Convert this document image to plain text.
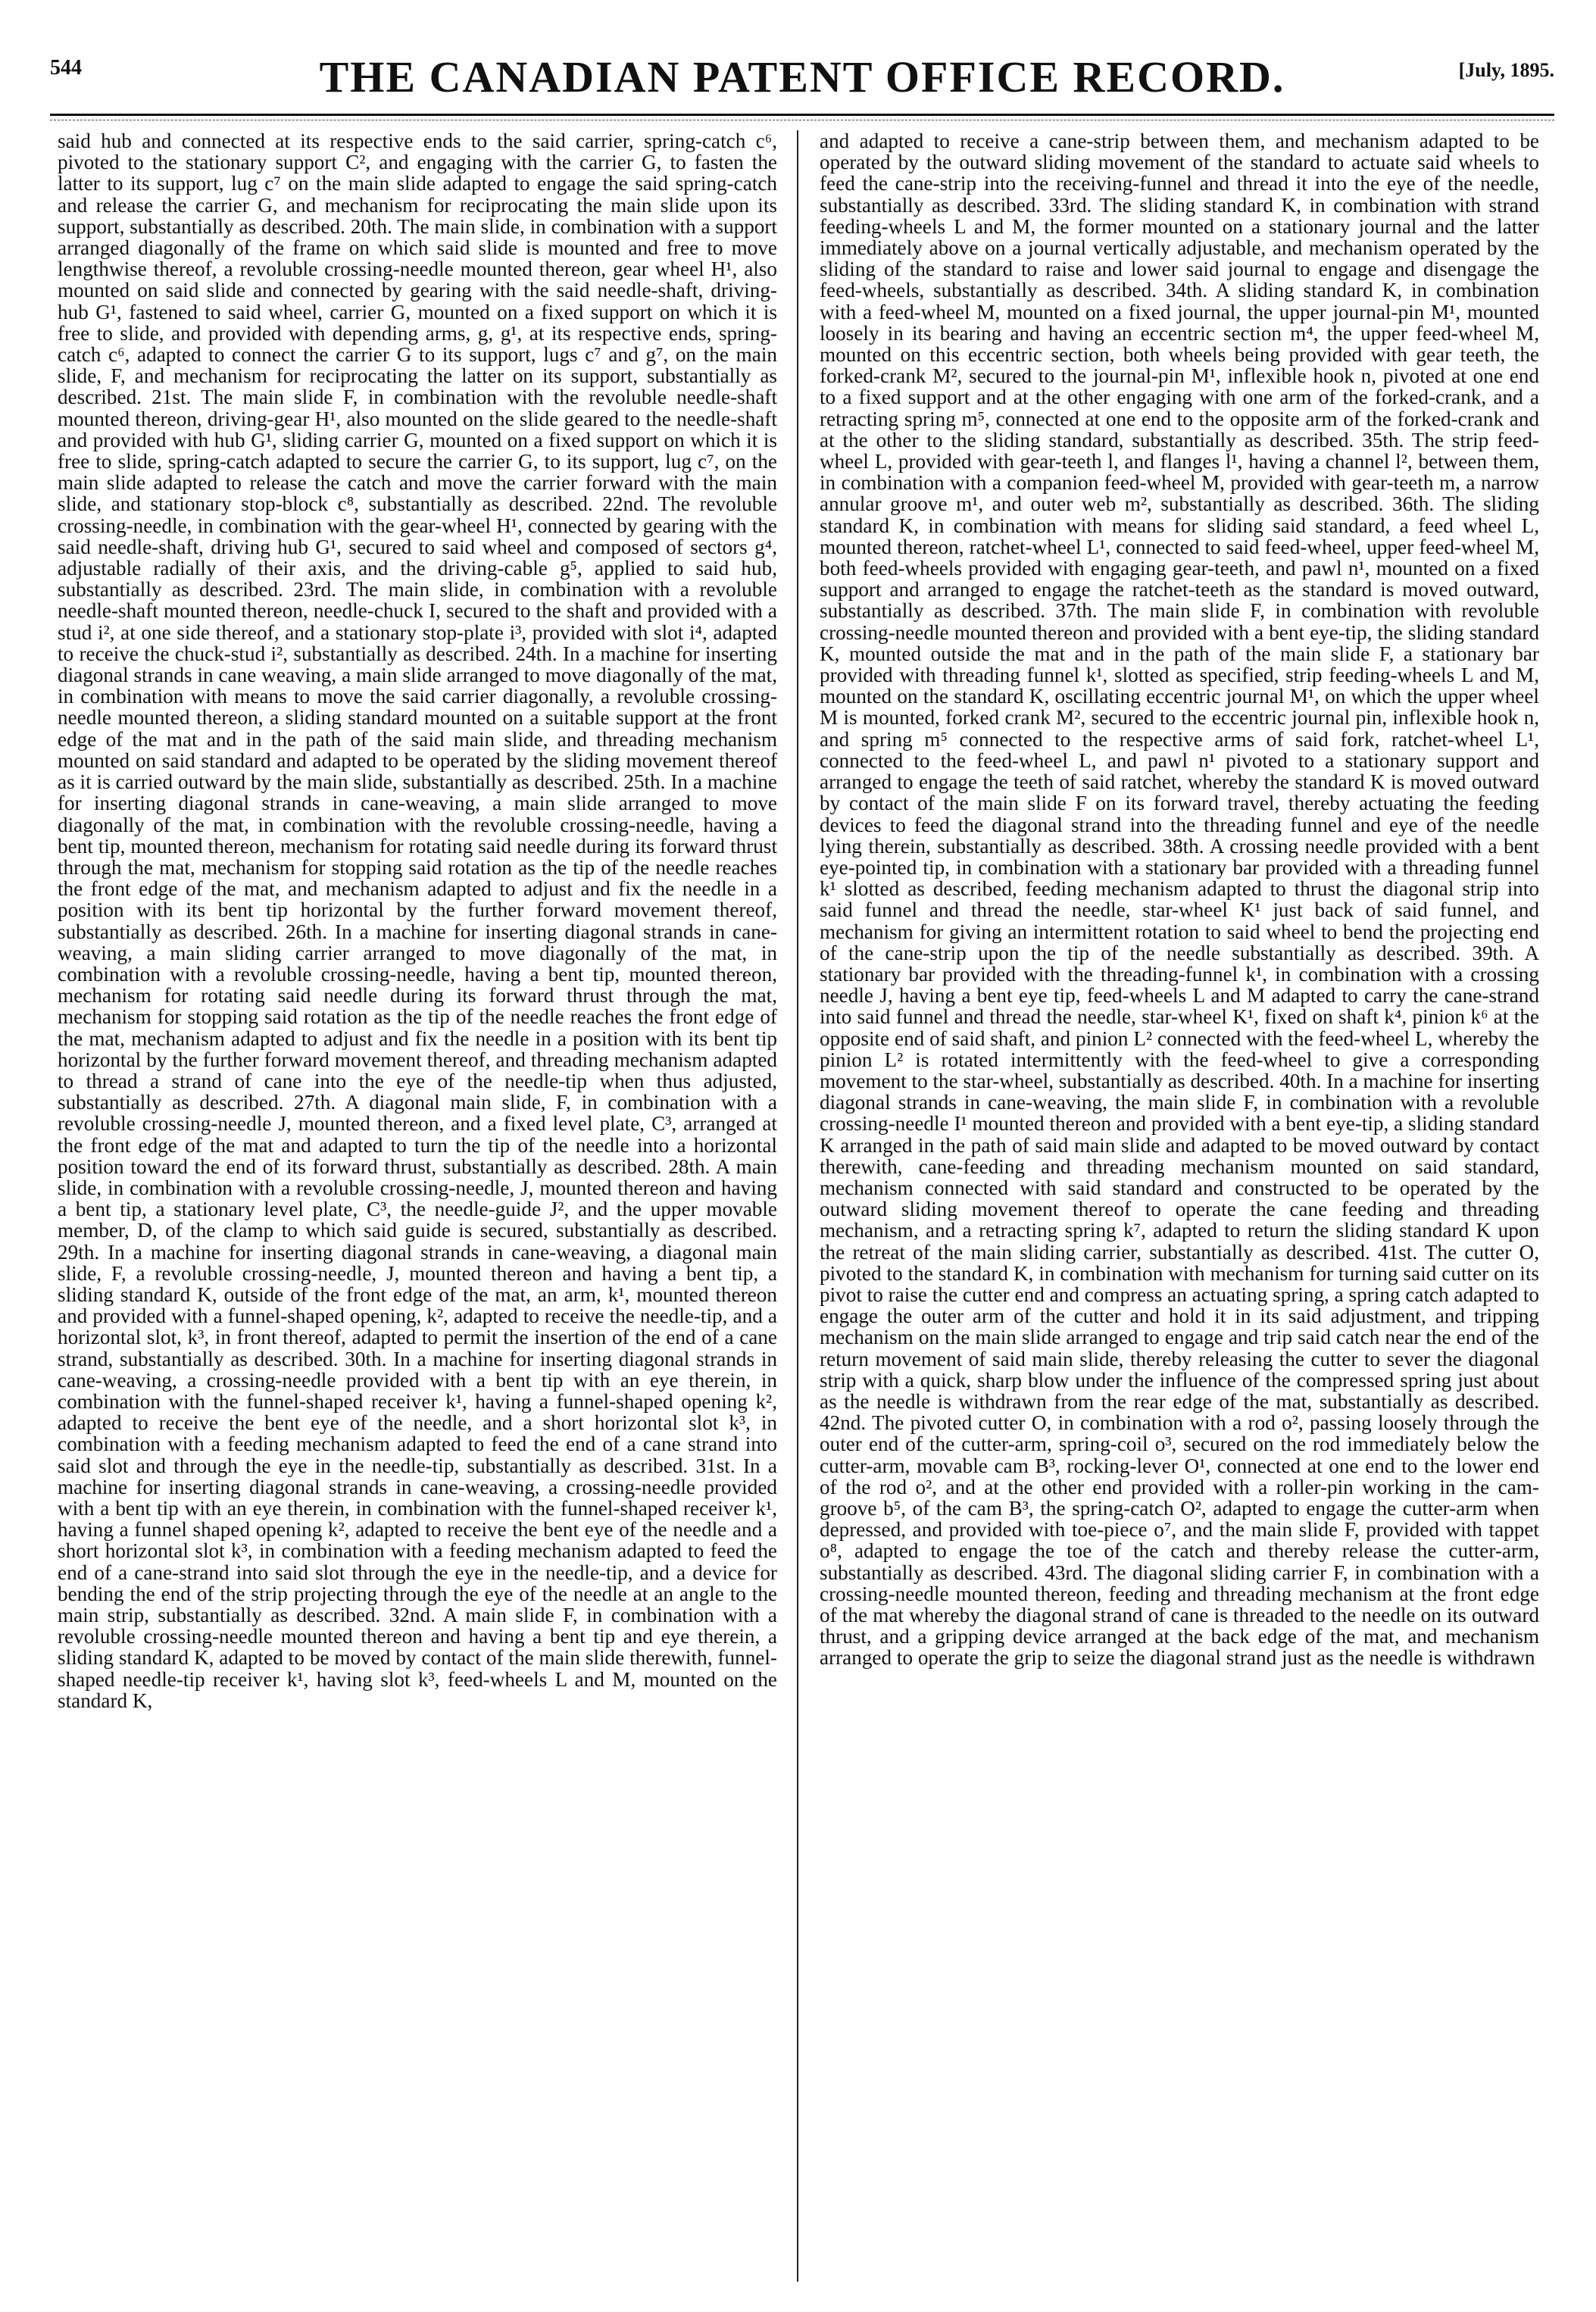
544	THE CANADIAN PATENT OFFICE RECORD.	[July, 1895.

said hub and connected at its respective ends to the said carrier, spring-catch c⁶, pivoted to the stationary support C², and engaging with the carrier G, to fasten the latter to its support, lug c⁷ on the main slide adapted to engage the said spring-catch and release the carrier G, and mechanism for reciprocating the main slide upon its support, substantially as described. 20th. The main slide, in combination with a support arranged diagonally of the frame on which said slide is mounted and free to move lengthwise thereof, a revoluble crossing-needle mounted thereon, gear wheel H¹, also mounted on said slide and connected by gearing with the said needle-shaft, driving-hub G¹, fastened to said wheel, carrier G, mounted on a fixed support on which it is free to slide, and provided with depending arms, g, g¹, at its respective ends, spring-catch c⁶, adapted to connect the carrier G to its support, lugs c⁷ and g⁷, on the main slide, F, and mechanism for reciprocating the latter on its support, substantially as described. 21st. The main slide F, in combination with the revoluble needle-shaft mounted thereon, driving-gear H¹, also mounted on the slide geared to the needle-shaft and provided with hub G¹, sliding carrier G, mounted on a fixed support on which it is free to slide, spring-catch adapted to secure the carrier G, to its support, lug c⁷, on the main slide adapted to release the catch and move the carrier forward with the main slide, and stationary stop-block c⁸, substantially as described. 22nd. The revoluble crossing-needle, in combination with the gear-wheel H¹, connected by gearing with the said needle-shaft, driving hub G¹, secured to said wheel and composed of sectors g⁴, adjustable radially of their axis, and the driving-cable g⁵, applied to said hub, substantially as described. 23rd. The main slide, in combination with a revoluble needle-shaft mounted thereon, needle-chuck I, secured to the shaft and provided with a stud i², at one side thereof, and a stationary stop-plate i³, provided with slot i⁴, adapted to receive the chuck-stud i², substantially as described. 24th. In a machine for inserting diagonal strands in cane weaving, a main slide arranged to move diagonally of the mat, in combination with means to move the said carrier diagonally, a revoluble crossing-needle mounted thereon, a sliding standard mounted on a suitable support at the front edge of the mat and in the path of the said main slide, and threading mechanism mounted on said standard and adapted to be operated by the sliding movement thereof as it is carried outward by the main slide, substantially as described. 25th. In a machine for inserting diagonal strands in cane-weaving, a main slide arranged to move diagonally of the mat, in combination with the revoluble crossing-needle, having a bent tip, mounted thereon, mechanism for rotating said needle during its forward thrust through the mat, mechanism for stopping said rotation as the tip of the needle reaches the front edge of the mat, and mechanism adapted to adjust and fix the needle in a position with its bent tip horizontal by the further forward movement thereof, substantially as described. 26th. In a machine for inserting diagonal strands in cane-weaving, a main sliding carrier arranged to move diagonally of the mat, in combination with a revoluble crossing-needle, having a bent tip, mounted thereon, mechanism for rotating said needle during its forward thrust through the mat, mechanism for stopping said rotation as the tip of the needle reaches the front edge of the mat, mechanism adapted to adjust and fix the needle in a position with its bent tip horizontal by the further forward movement thereof, and threading mechanism adapted to thread a strand of cane into the eye of the needle-tip when thus adjusted, substantially as described. 27th. A diagonal main slide, F, in combination with a revoluble crossing-needle J, mounted thereon, and a fixed level plate, C³, arranged at the front edge of the mat and adapted to turn the tip of the needle into a horizontal position toward the end of its forward thrust, substantially as described. 28th. A main slide, in combination with a revoluble crossing-needle, J, mounted thereon and having a bent tip, a stationary level plate, C³, the needle-guide J², and the upper movable member, D, of the clamp to which said guide is secured, substantially as described. 29th. In a machine for inserting diagonal strands in cane-weaving, a diagonal main slide, F, a revoluble crossing-needle, J, mounted thereon and having a bent tip, a sliding standard K, outside of the front edge of the mat, an arm, k¹, mounted thereon and provided with a funnel-shaped opening, k², adapted to receive the needle-tip, and a horizontal slot, k³, in front thereof, adapted to permit the insertion of the end of a cane strand, substantially as described. 30th. In a machine for inserting diagonal strands in cane-weaving, a crossing-needle provided with a bent tip with an eye therein, in combination with the funnel-shaped receiver k¹, having a funnel-shaped opening k², adapted to receive the bent eye of the needle, and a short horizontal slot k³, in combination with a feeding mechanism adapted to feed the end of a cane strand into said slot and through the eye in the needle-tip, substantially as described. 31st. In a machine for inserting diagonal strands in cane-weaving, a crossing-needle provided with a bent tip with an eye therein, in combination with the funnel-shaped receiver k¹, having a funnel shaped opening k², adapted to receive the bent eye of the needle and a short horizontal slot k³, in combination with a feeding mechanism adapted to feed the end of a cane-strand into said slot through the eye in the needle-tip, and a device for bending the end of the strip projecting through the eye of the needle at an angle to the main strip, substantially as described. 32nd. A main slide F, in combination with a revoluble crossing-needle mounted thereon and having a bent tip and eye therein, a sliding standard K, adapted to be moved by contact of the main slide therewith, funnel-shaped needle-tip receiver k¹, having slot k³, feed-wheels L and M, mounted on the standard K,

and adapted to receive a cane-strip between them, and mechanism adapted to be operated by the outward sliding movement of the standard to actuate said wheels to feed the cane-strip into the receiving-funnel and thread it into the eye of the needle, substantially as described. 33rd. The sliding standard K, in combination with strand feeding-wheels L and M, the former mounted on a stationary journal and the latter immediately above on a journal vertically adjustable, and mechanism operated by the sliding of the standard to raise and lower said journal to engage and disengage the feed-wheels, substantially as described. 34th. A sliding standard K, in combination with a feed-wheel M, mounted on a fixed journal, the upper journal-pin M¹, mounted loosely in its bearing and having an eccentric section m⁴, the upper feed-wheel M, mounted on this eccentric section, both wheels being provided with gear teeth, the forked-crank M², secured to the journal-pin M¹, inflexible hook n, pivoted at one end to a fixed support and at the other engaging with one arm of the forked-crank, and a retracting spring m⁵, connected at one end to the opposite arm of the forked-crank and at the other to the sliding standard, substantially as described. 35th. The strip feed-wheel L, provided with gear-teeth l, and flanges l¹, having a channel l², between them, in combination with a companion feed-wheel M, provided with gear-teeth m, a narrow annular groove m¹, and outer web m², substantially as described. 36th. The sliding standard K, in combination with means for sliding said standard, a feed wheel L, mounted thereon, ratchet-wheel L¹, connected to said feed-wheel, upper feed-wheel M, both feed-wheels provided with engaging gear-teeth, and pawl n¹, mounted on a fixed support and arranged to engage the ratchet-teeth as the standard is moved outward, substantially as described. 37th. The main slide F, in combination with revoluble crossing-needle mounted thereon and provided with a bent eye-tip, the sliding standard K, mounted outside the mat and in the path of the main slide F, a stationary bar provided with threading funnel k¹, slotted as specified, strip feeding-wheels L and M, mounted on the standard K, oscillating eccentric journal M¹, on which the upper wheel M is mounted, forked crank M², secured to the eccentric journal pin, inflexible hook n, and spring m⁵ connected to the respective arms of said fork, ratchet-wheel L¹, connected to the feed-wheel L, and pawl n¹ pivoted to a stationary support and arranged to engage the teeth of said ratchet, whereby the standard K is moved outward by contact of the main slide F on its forward travel, thereby actuating the feeding devices to feed the diagonal strand into the threading funnel and eye of the needle lying therein, substantially as described. 38th. A crossing needle provided with a bent eye-pointed tip, in combination with a stationary bar provided with a threading funnel k¹ slotted as described, feeding mechanism adapted to thrust the diagonal strip into said funnel and thread the needle, star-wheel K¹ just back of said funnel, and mechanism for giving an intermittent rotation to said wheel to bend the projecting end of the cane-strip upon the tip of the needle substantially as described. 39th. A stationary bar provided with the threading-funnel k¹, in combination with a crossing needle J, having a bent eye tip, feed-wheels L and M adapted to carry the cane-strand into said funnel and thread the needle, star-wheel K¹, fixed on shaft k⁴, pinion k⁶ at the opposite end of said shaft, and pinion L² connected with the feed-wheel L, whereby the pinion L² is rotated intermittently with the feed-wheel to give a corresponding movement to the star-wheel, substantially as described. 40th. In a machine for inserting diagonal strands in cane-weaving, the main slide F, in combination with a revoluble crossing-needle I¹ mounted thereon and provided with a bent eye-tip, a sliding standard K arranged in the path of said main slide and adapted to be moved outward by contact therewith, cane-feeding and threading mechanism mounted on said standard, mechanism connected with said standard and constructed to be operated by the outward sliding movement thereof to operate the cane feeding and threading mechanism, and a retracting spring k⁷, adapted to return the sliding standard K upon the retreat of the main sliding carrier, substantially as described. 41st. The cutter O, pivoted to the standard K, in combination with mechanism for turning said cutter on its pivot to raise the cutter end and compress an actuating spring, a spring catch adapted to engage the outer arm of the cutter and hold it in its said adjustment, and tripping mechanism on the main slide arranged to engage and trip said catch near the end of the return movement of said main slide, thereby releasing the cutter to sever the diagonal strip with a quick, sharp blow under the influence of the compressed spring just about as the needle is withdrawn from the rear edge of the mat, substantially as described. 42nd. The pivoted cutter O, in combination with a rod o², passing loosely through the outer end of the cutter-arm, spring-coil o³, secured on the rod immediately below the cutter-arm, movable cam B³, rocking-lever O¹, connected at one end to the lower end of the rod o², and at the other end provided with a roller-pin working in the cam-groove b⁵, of the cam B³, the spring-catch O², adapted to engage the cutter-arm when depressed, and provided with toe-piece o⁷, and the main slide F, provided with tappet o⁸, adapted to engage the toe of the catch and thereby release the cutter-arm, substantially as described. 43rd. The diagonal sliding carrier F, in combination with a crossing-needle mounted thereon, feeding and threading mechanism at the front edge of the mat whereby the diagonal strand of cane is threaded to the needle on its outward thrust, and a gripping device arranged at the back edge of the mat, and mechanism arranged to operate the grip to seize the diagonal strand just as the needle is withdrawn
